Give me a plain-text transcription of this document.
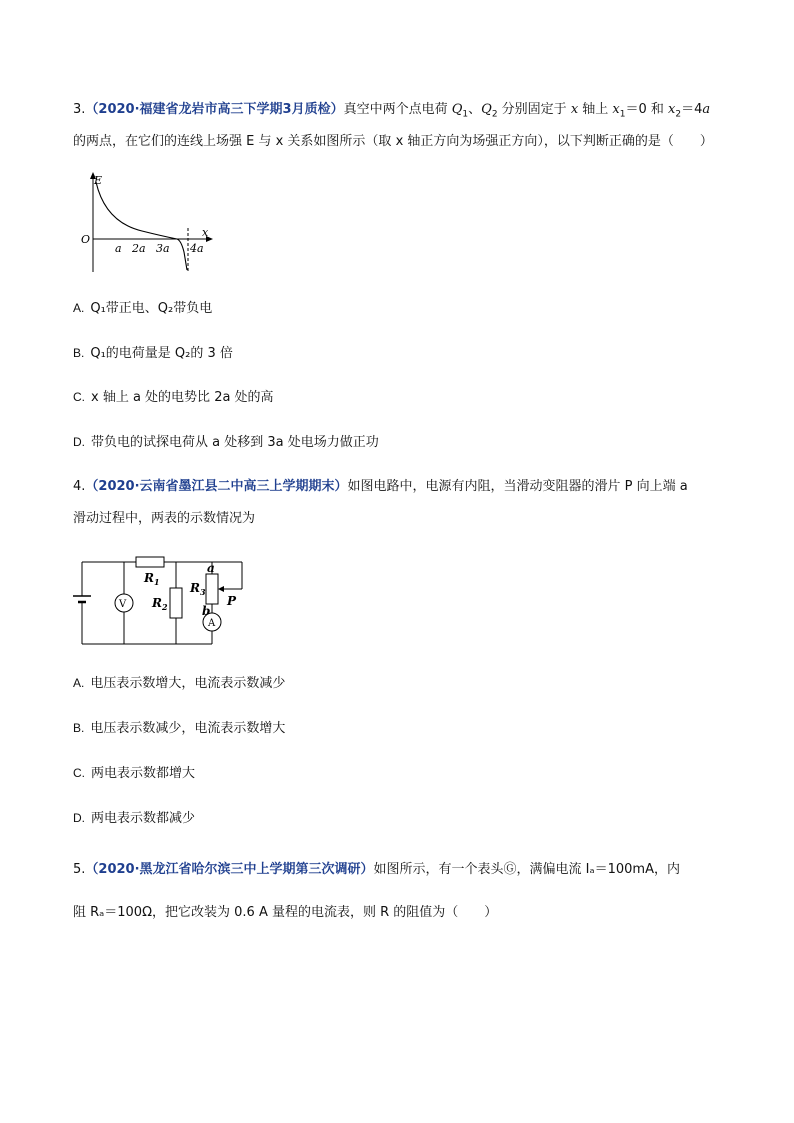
3.（2020·福建省龙岩市高三下学期3月质检）真空中两个点电荷 $Q_1$、$Q_2$ 分别固定于 x 轴上 $x_1=0$ 和 $x_2=4a$
的两点，在它们的连线上场强 E 与 x 关系如图所示（取 x 轴正方向为场强正方向），以下判断正确的是（　　）
E
O
x
a 2a 3a 4a
A. Q₁带正电、Q₂带负电
B. Q₁的电荷量是 Q₂的 3 倍
C. x 轴上 a 处的电势比 2a 处的高
D. 带负电的试探电荷从 a 处移到 3a 处电场力做正功
4.（2020·云南省墨江县二中高三上学期期末）如图电路中，电源有内阻，当滑动变阻器的滑片 P 向上端 a
滑动过程中，两表的示数情况为
V
A
$R_1$
$R_2$
$R_3$
a
b
P
A. 电压表示数增大，电流表示数减少
B. 电压表示数减少，电流表示数增大
C. 两电表示数都增大
D. 两电表示数都减少
5.（2020·黑龙江省哈尔滨三中上学期第三次调研）如图所示，有一个表头Ⓖ，满偏电流 Iₐ＝100mA，内
阻 Rₐ＝100Ω，把它改装为 0.6 A 量程的电流表，则 R 的阻值为（　　）
